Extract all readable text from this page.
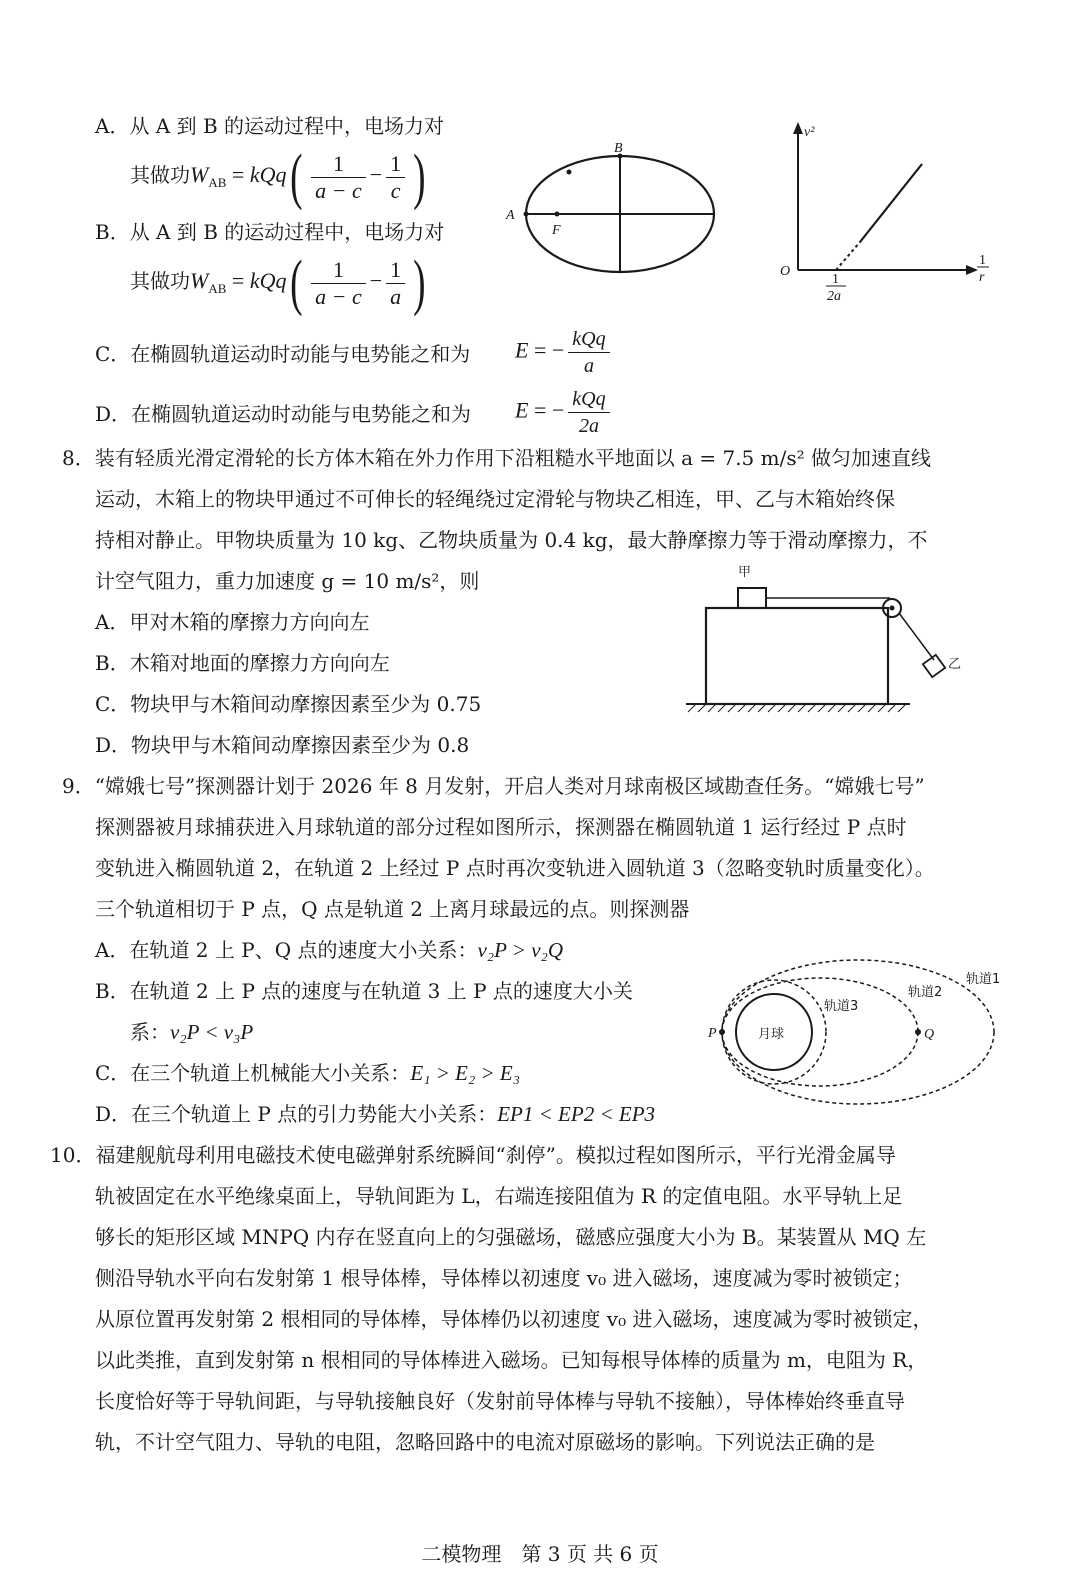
A．从 A 到 B 的运动过程中，电场力对
其做功$W_{AB} = kQq( \frac{1}{a - c} - \frac{1}{c}$ )
B．从 A 到 B 的运动过程中，电场力对
其做功$W_{AB} = kQq( \frac{1}{a - c} - \frac{1}{a}$ )
C．在椭圆轨道运动时动能与电势能之和为 E = − $\frac{\text{kQq}}{a}$
D．在椭圆轨道运动时动能与电势能之和为 E = − $\frac{\text{kQq}}{2a}$
A
B
F
v²
O
1
2a
1
r
8．装有轻质光滑定滑轮的长方体木箱在外力作用下沿粗糙水平地面以 a = 7.5 m/s² 做匀加速直线
运动，木箱上的物块甲通过不可伸长的轻绳绕过定滑轮与物块乙相连，甲、乙与木箱始终保
持相对静止。甲物块质量为 10 kg、乙物块质量为 0.4 kg，最大静摩擦力等于滑动摩擦力，不
计空气阻力，重力加速度 g = 10 m/s²，则
A．甲对木箱的摩擦力方向向左
B．木箱对地面的摩擦力方向向左
C．物块甲与木箱间动摩擦因素至少为 0.75
D．物块甲与木箱间动摩擦因素至少为 0.8
甲
乙
9．“嫦娥七号”探测器计划于 2026 年 8 月发射，开启人类对月球南极区域勘查任务。“嫦娥七号”
探测器被月球捕获进入月球轨道的部分过程如图所示，探测器在椭圆轨道 1 运行经过 P 点时
变轨进入椭圆轨道 2，在轨道 2 上经过 P 点时再次变轨进入圆轨道 3（忽略变轨时质量变化）。
三个轨道相切于 P 点，Q 点是轨道 2 上离月球最远的点。则探测器
A．在轨道 2 上 P、Q 点的速度大小关系：v₂P > v₂Q
B．在轨道 2 上 P 点的速度与在轨道 3 上 P 点的速度大小关
系：v₂P < v₃P
C．在三个轨道上机械能大小关系：E₁ > E₂ > E₃
D．在三个轨道上 P 点的引力势能大小关系：EP1 < EP2 < EP3
月球
P	Q
轨道1
轨道2
轨道3
10．福建舰航母利用电磁技术使电磁弹射系统瞬间“刹停”。模拟过程如图所示，平行光滑金属导
轨被固定在水平绝缘桌面上，导轨间距为 L，右端连接阻值为 R 的定值电阻。水平导轨上足
够长的矩形区域 MNPQ 内存在竖直向上的匀强磁场，磁感应强度大小为 B。某装置从 MQ 左
侧沿导轨水平向右发射第 1 根导体棒，导体棒以初速度 v₀ 进入磁场，速度减为零时被锁定；
从原位置再发射第 2 根相同的导体棒，导体棒仍以初速度 v₀ 进入磁场，速度减为零时被锁定，
以此类推，直到发射第 n 根相同的导体棒进入磁场。已知每根导体棒的质量为 m，电阻为 R，
长度恰好等于导轨间距，与导轨接触良好（发射前导体棒与导轨不接触），导体棒始终垂直导
轨，不计空气阻力、导轨的电阻，忽略回路中的电流对原磁场的影响。下列说法正确的是
二模物理　第 3 页 共 6 页
